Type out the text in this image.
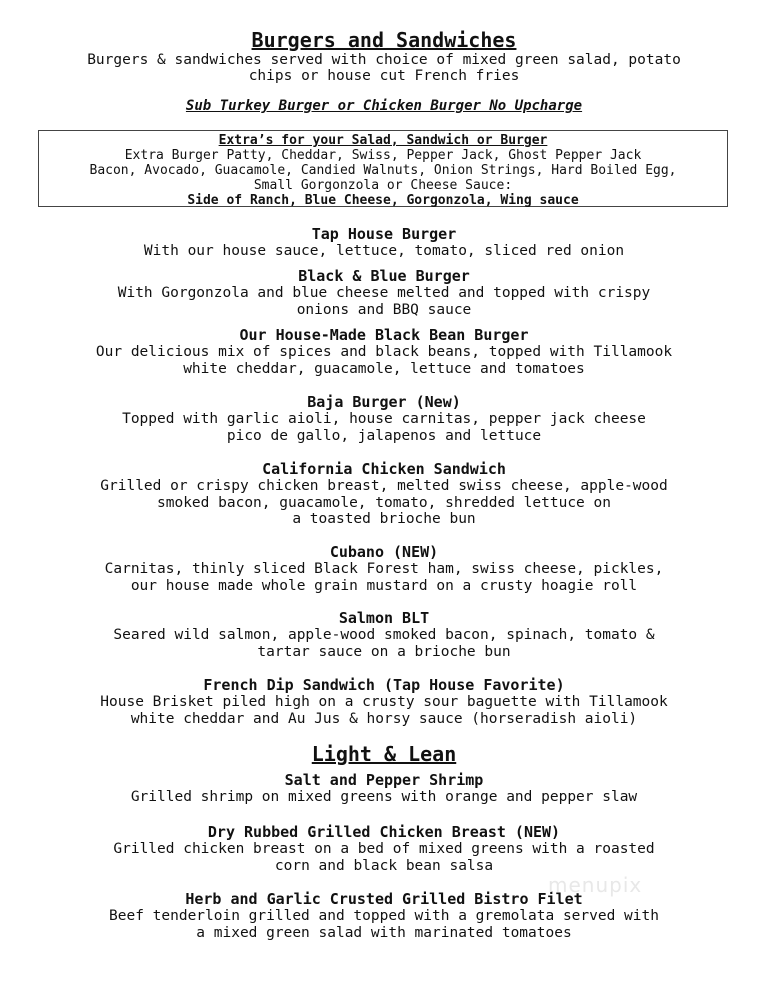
Burgers and Sandwiches
Burgers & sandwiches served with choice of mixed green salad, potato
chips or house cut French fries
Sub Turkey Burger or Chicken Burger No Upcharge
Extra’s for your Salad, Sandwich or Burger
Extra Burger Patty, Cheddar, Swiss, Pepper Jack, Ghost Pepper Jack
Bacon, Avocado, Guacamole, Candied Walnuts, Onion Strings, Hard Boiled Egg,
Small Gorgonzola or Cheese Sauce:
Side of Ranch, Blue Cheese, Gorgonzola, Wing sauce
Tap House Burger
With our house sauce, lettuce, tomato, sliced red onion
Black & Blue Burger
With Gorgonzola and blue cheese melted and topped with crispy
onions and BBQ sauce
Our House-Made Black Bean Burger
Our delicious mix of spices and black beans, topped with Tillamook
white cheddar, guacamole, lettuce and tomatoes
Baja Burger (New)
Topped with garlic aioli, house carnitas, pepper jack cheese
pico de gallo, jalapenos and lettuce
California Chicken Sandwich
Grilled or crispy chicken breast, melted swiss cheese, apple-wood
smoked bacon, guacamole, tomato, shredded lettuce on
a toasted brioche bun
Cubano (NEW)
Carnitas, thinly sliced Black Forest ham, swiss cheese, pickles,
our house made whole grain mustard on a crusty hoagie roll
Salmon BLT
Seared wild salmon, apple-wood smoked bacon, spinach, tomato &
tartar sauce on a brioche bun
French Dip Sandwich (Tap House Favorite)
House Brisket piled high on a crusty sour baguette with Tillamook
white cheddar and Au Jus & horsy sauce (horseradish aioli)
Light & Lean
Salt and Pepper Shrimp
Grilled shrimp on mixed greens with orange and pepper slaw
Dry Rubbed Grilled Chicken Breast (NEW)
Grilled chicken breast on a bed of mixed greens with a roasted
corn and black bean salsa
Herb and Garlic Crusted Grilled Bistro Filet
Beef tenderloin grilled and topped with a gremolata served with
a mixed green salad with marinated tomatoes
menupix
